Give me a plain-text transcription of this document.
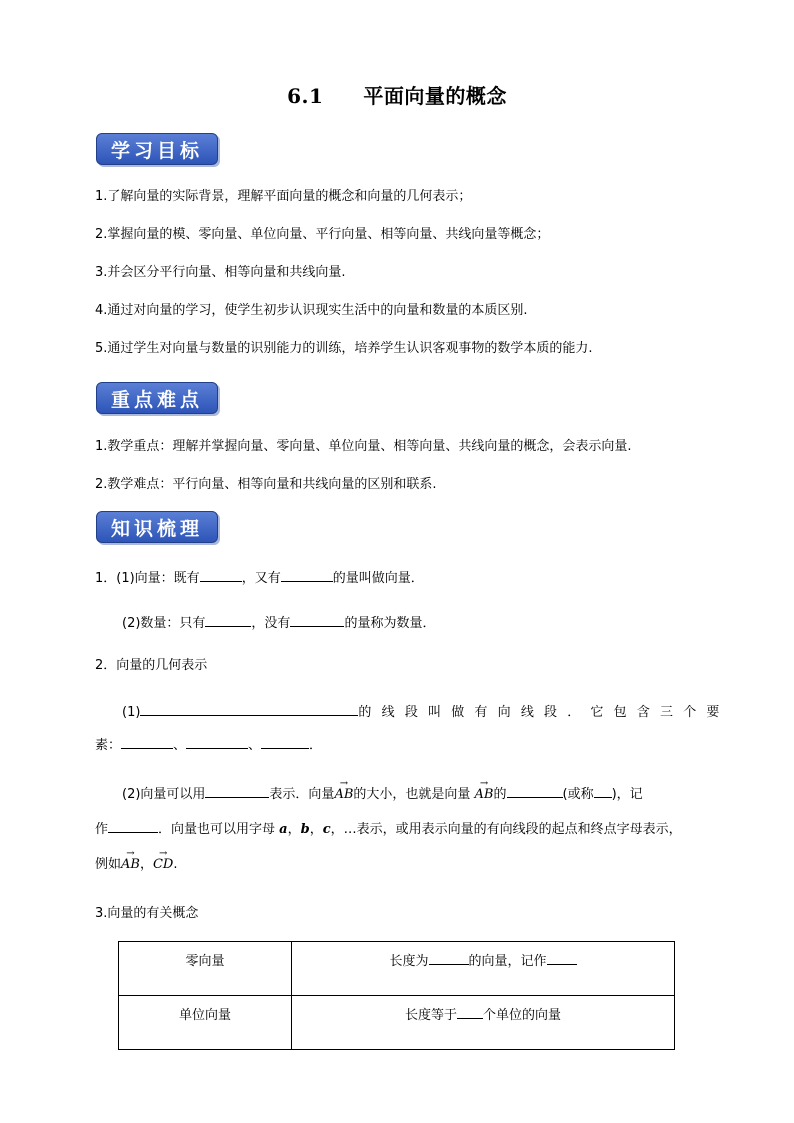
6.1 平面向量的概念
学习目标
1.了解向量的实际背景，理解平面向量的概念和向量的几何表示；
2.掌握向量的模、零向量、单位向量、平行向量、相等向量、共线向量等概念；
3.并会区分平行向量、相等向量和共线向量.
4.通过对向量的学习，使学生初步认识现实生活中的向量和数量的本质区别.
5.通过学生对向量与数量的识别能力的训练，培养学生认识客观事物的数学本质的能力.
重点难点
1.教学重点：理解并掌握向量、零向量、单位向量、相等向量、共线向量的概念，会表示向量.
2.教学难点：平行向量、相等向量和共线向量的区别和联系.
知识梳理
1．(1)向量：既有	，又有	的量叫做向量．
(2)数量：只有	，没有	的量称为数量．
2．向量的几何表示
(1)	的线段叫做有向线段．它包含三个要
素：	、	、	．
(2)向量可以用	表示．向量→ AB的大小，也就是向量 → AB的	(或称 )，记
作	．向量也可以用字母 a，b，c，…表示，或用表示向量的有向线段的起点和终点字母表示，
例如→ AB，→ CD.
3.向量的有关概念
零向量	长度为 的向量，记作
单位向量	长度等于 个单位的向量
